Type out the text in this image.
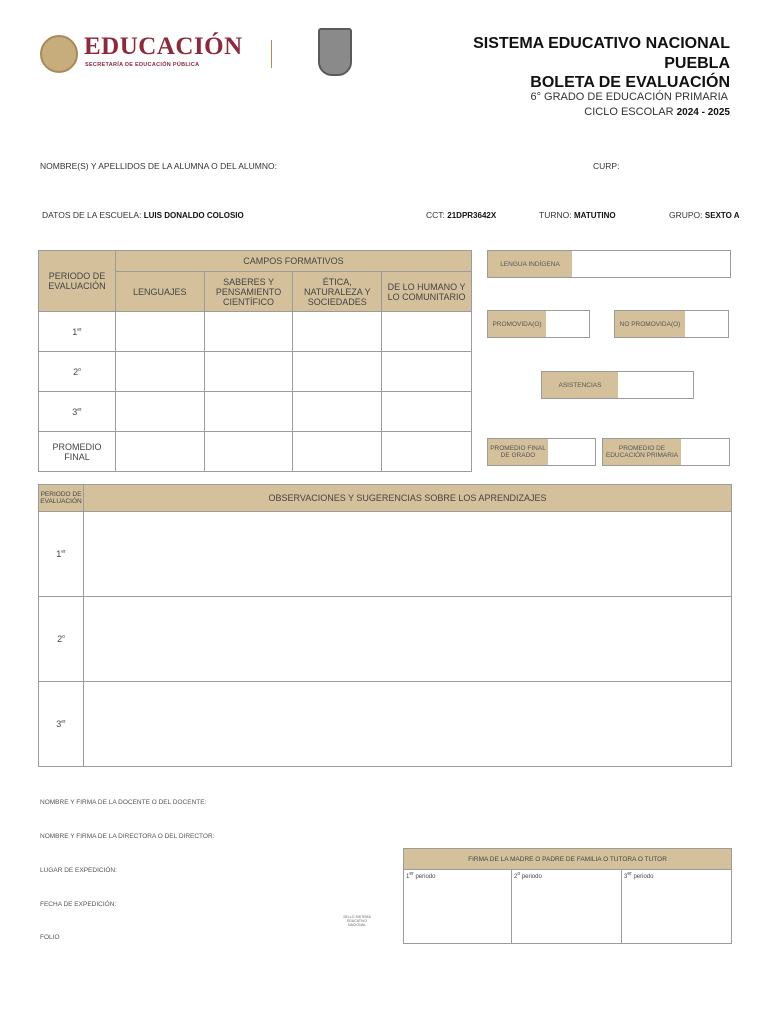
EDUCACIÓN
SECRETARÍA DE EDUCACIÓN PÚBLICA
SISTEMA EDUCATIVO NACIONAL
PUEBLA
BOLETA DE EVALUACIÓN
6° GRADO DE EDUCACIÓN PRIMARIA
CICLO ESCOLAR 2024 - 2025
NOMBRE(S) Y APELLIDOS DE LA ALUMNA O DEL ALUMNO:	CURP:
DATOS DE LA ESCUELA: LUIS DONALDO COLOSIO	CCT: 21DPR3642X	TURNO: MATUTINO	GRUPO: SEXTO A
PERIODO DE EVALUACIÓN	CAMPOS FORMATIVOS			
	LENGUAJES	SABERES Y PENSAMIENTO CIENTÍFICO	ÉTICA, NATURALEZA Y SOCIEDADES	DE LO HUMANO Y LO COMUNITARIO
1er				
2$^o$				
3er				
PROMEDIO FINAL				
LENGUA INDÍGENA
PROMOVIDA(O)	NO PROMOVIDA(O)
ASISTENCIAS
PROMEDIO FINAL DE GRADO
PROMEDIO DE EDUCACIÓN PRIMARIA
PERIODO DE EVALUACIÓN	OBSERVACIONES Y SUGERENCIAS SOBRE LOS APRENDIZAJES
1er	
2$^o$	
3er	
NOMBRE Y FIRMA DE LA DOCENTE O DEL DOCENTE:
NOMBRE Y FIRMA DE LA DIRECTORA O DEL DIRECTOR:
LUGAR DE EXPEDICIÓN:
FECHA DE EXPEDICIÓN:
FOLIO
SELLO SISTEMA EDUCATIVO NACIONAL
FIRMA DE LA MADRE O PADRE DE FAMILIA O TUTORA O TUTOR
1er periodo	2$^o$ periodo	3er periodo
